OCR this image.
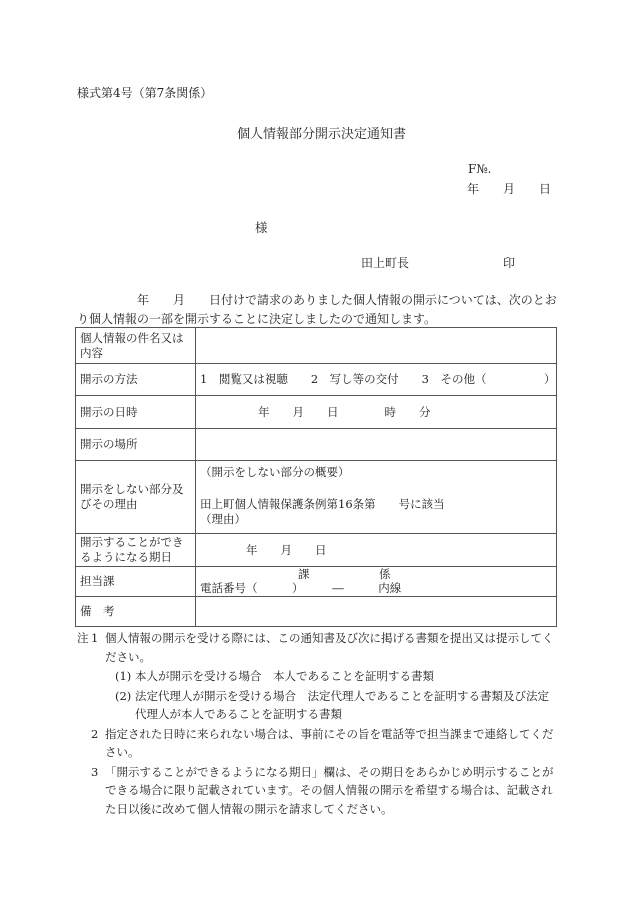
様式第4号（第7条関係）
個人情報部分開示決定通知書
F№.
年　　月　　日
様
田上町長	印
　　　　　年　　月　　日付けで請求のありました個人情報の開示については、次のとおり個人情報の一部を開示することに決定しましたので通知します。
個人情報の件名又は内容	
開示の方法	1　閲覧又は視聴　　2　写し等の交付　　3　その他（　　　　　）
開示の日時	年　　月　　日　　　　時　　分
開示の場所	
開示をしない部分及びその理由	（開示をしない部分の概要）
田上町個人情報保護条例第16条第　　号に該当
（理由）

開示することができるようになる期日	年　　月　　日
担当課	課 係
電話番号（　　　）　　　―　　　内線

備　考	
注 1 個人情報の開示を受ける際には、この通知書及び次に掲げる書類を提出又は提示してください。
(1) 本人が開示を受ける場合　本人であることを証明する書類
(2) 法定代理人が開示を受ける場合　法定代理人であることを証明する書類及び法定代理人が本人であることを証明する書類
2 指定された日時に来られない場合は、事前にその旨を電話等で担当課まで連絡してください。
3 「開示することができるようになる期日」欄は、その期日をあらかじめ明示することができる場合に限り記載されています。その個人情報の開示を希望する場合は、記載された日以後に改めて個人情報の開示を請求してください。
